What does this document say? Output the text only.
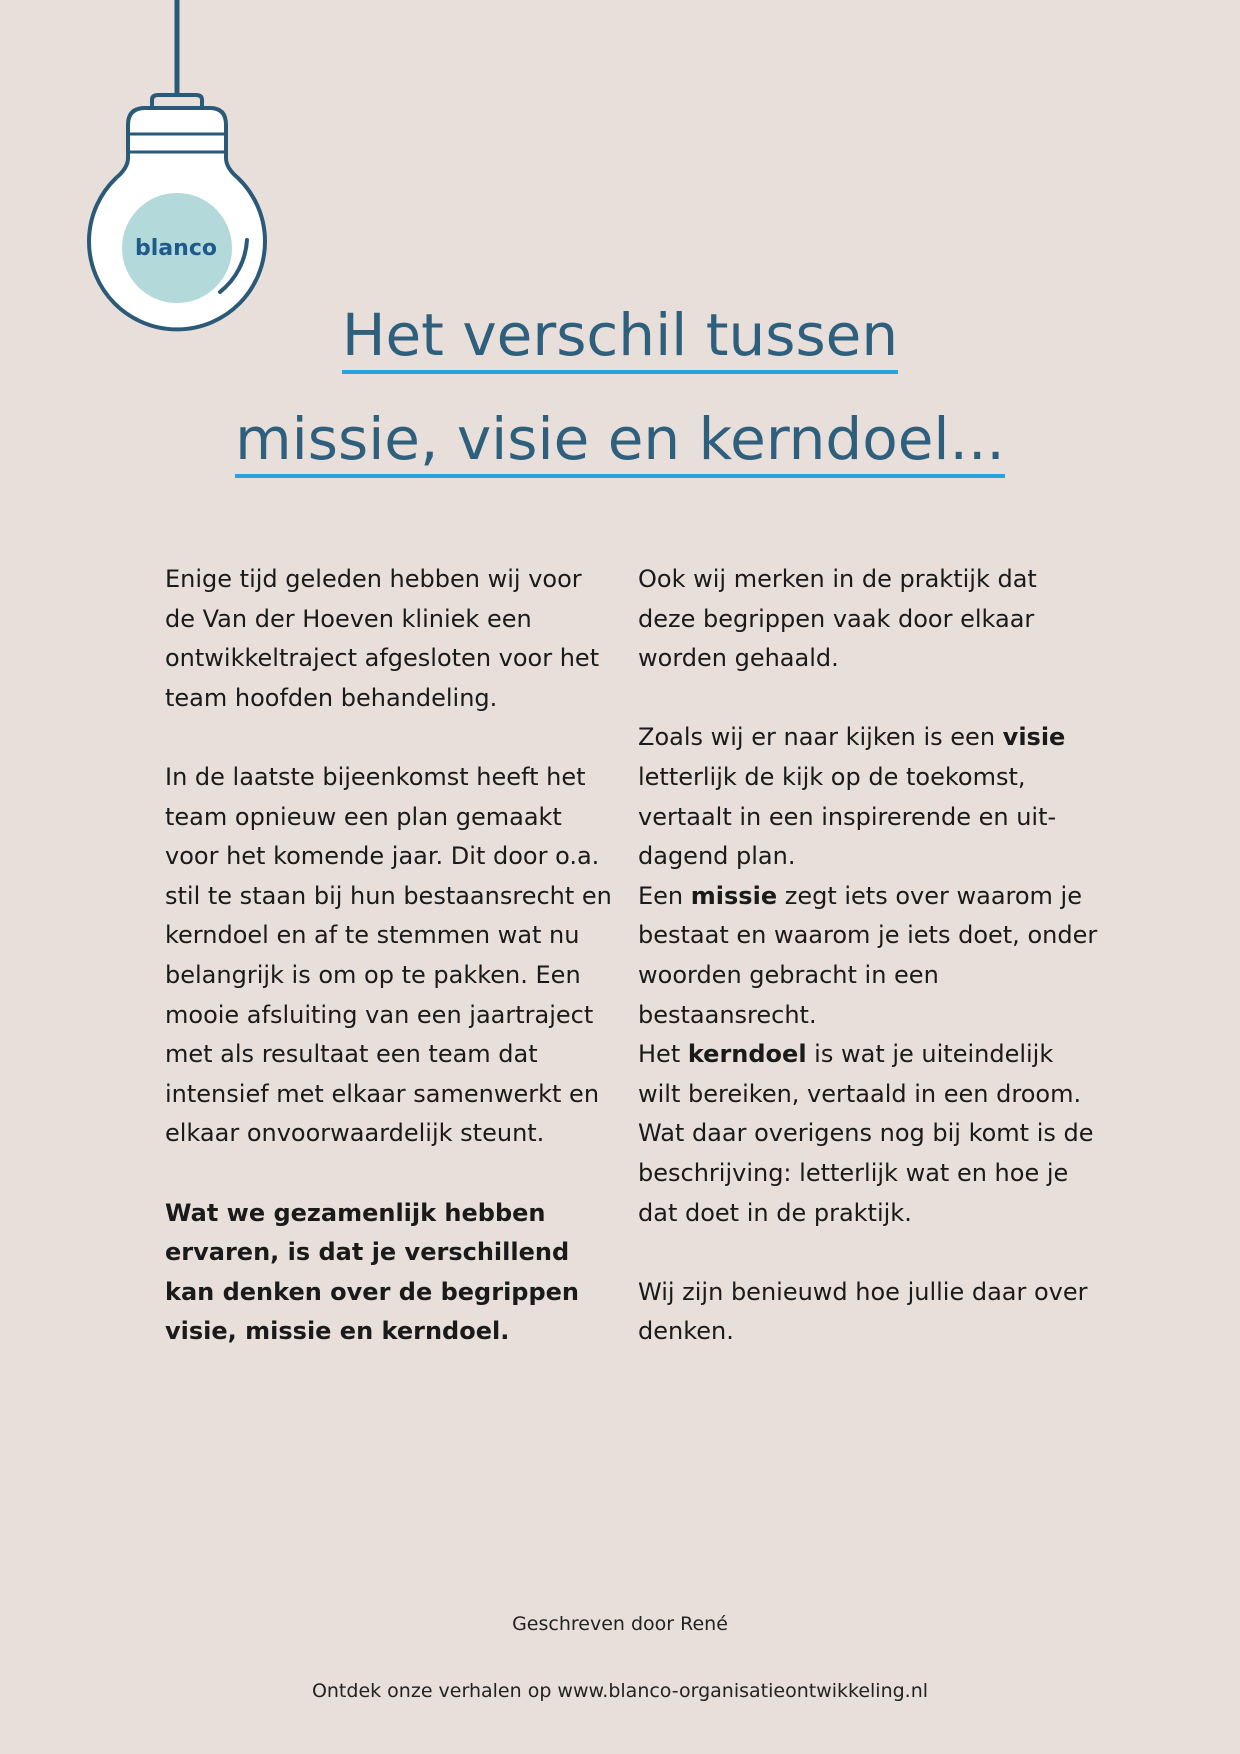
blanco
Het verschil tussen
missie, visie en kerndoel...

Enige tijd geleden hebben wij voor de Van der Hoeven kliniek een ontwikkeltraject afgesloten voor het team hoofden behandeling.

In de laatste bijeenkomst heeft het team opnieuw een plan gemaakt voor het komende jaar. Dit door o.a. stil te staan bij hun bestaansrecht en kerndoel en af te stemmen wat nu belangrijk is om op te pakken. Een mooie afsluiting van een jaartraject met als resultaat een team dat intensief met elkaar samenwerkt en elkaar onvoorwaardelijk steunt.

Wat we gezamenlijk hebben ervaren, is dat je verschillend kan denken over de begrippen visie, missie en kerndoel.

Ook wij merken in de praktijk dat deze begrippen vaak door elkaar worden gehaald.

Zoals wij er naar kijken is een visie letterlijk de kijk op de toekomst, vertaalt in een inspirerende en uit-dagend plan.

Een missie zegt iets over waarom je bestaat en waarom je iets doet, onder woorden gebracht in een bestaansrecht.

Het kerndoel is wat je uiteindelijk wilt bereiken, vertaald in een droom.

Wat daar overigens nog bij komt is de beschrijving: letterlijk wat en hoe je dat doet in de praktijk.

Wij zijn benieuwd hoe jullie daar over denken.

Geschreven door René
Ontdek onze verhalen op www.blanco-organisatieontwikkeling.nl
